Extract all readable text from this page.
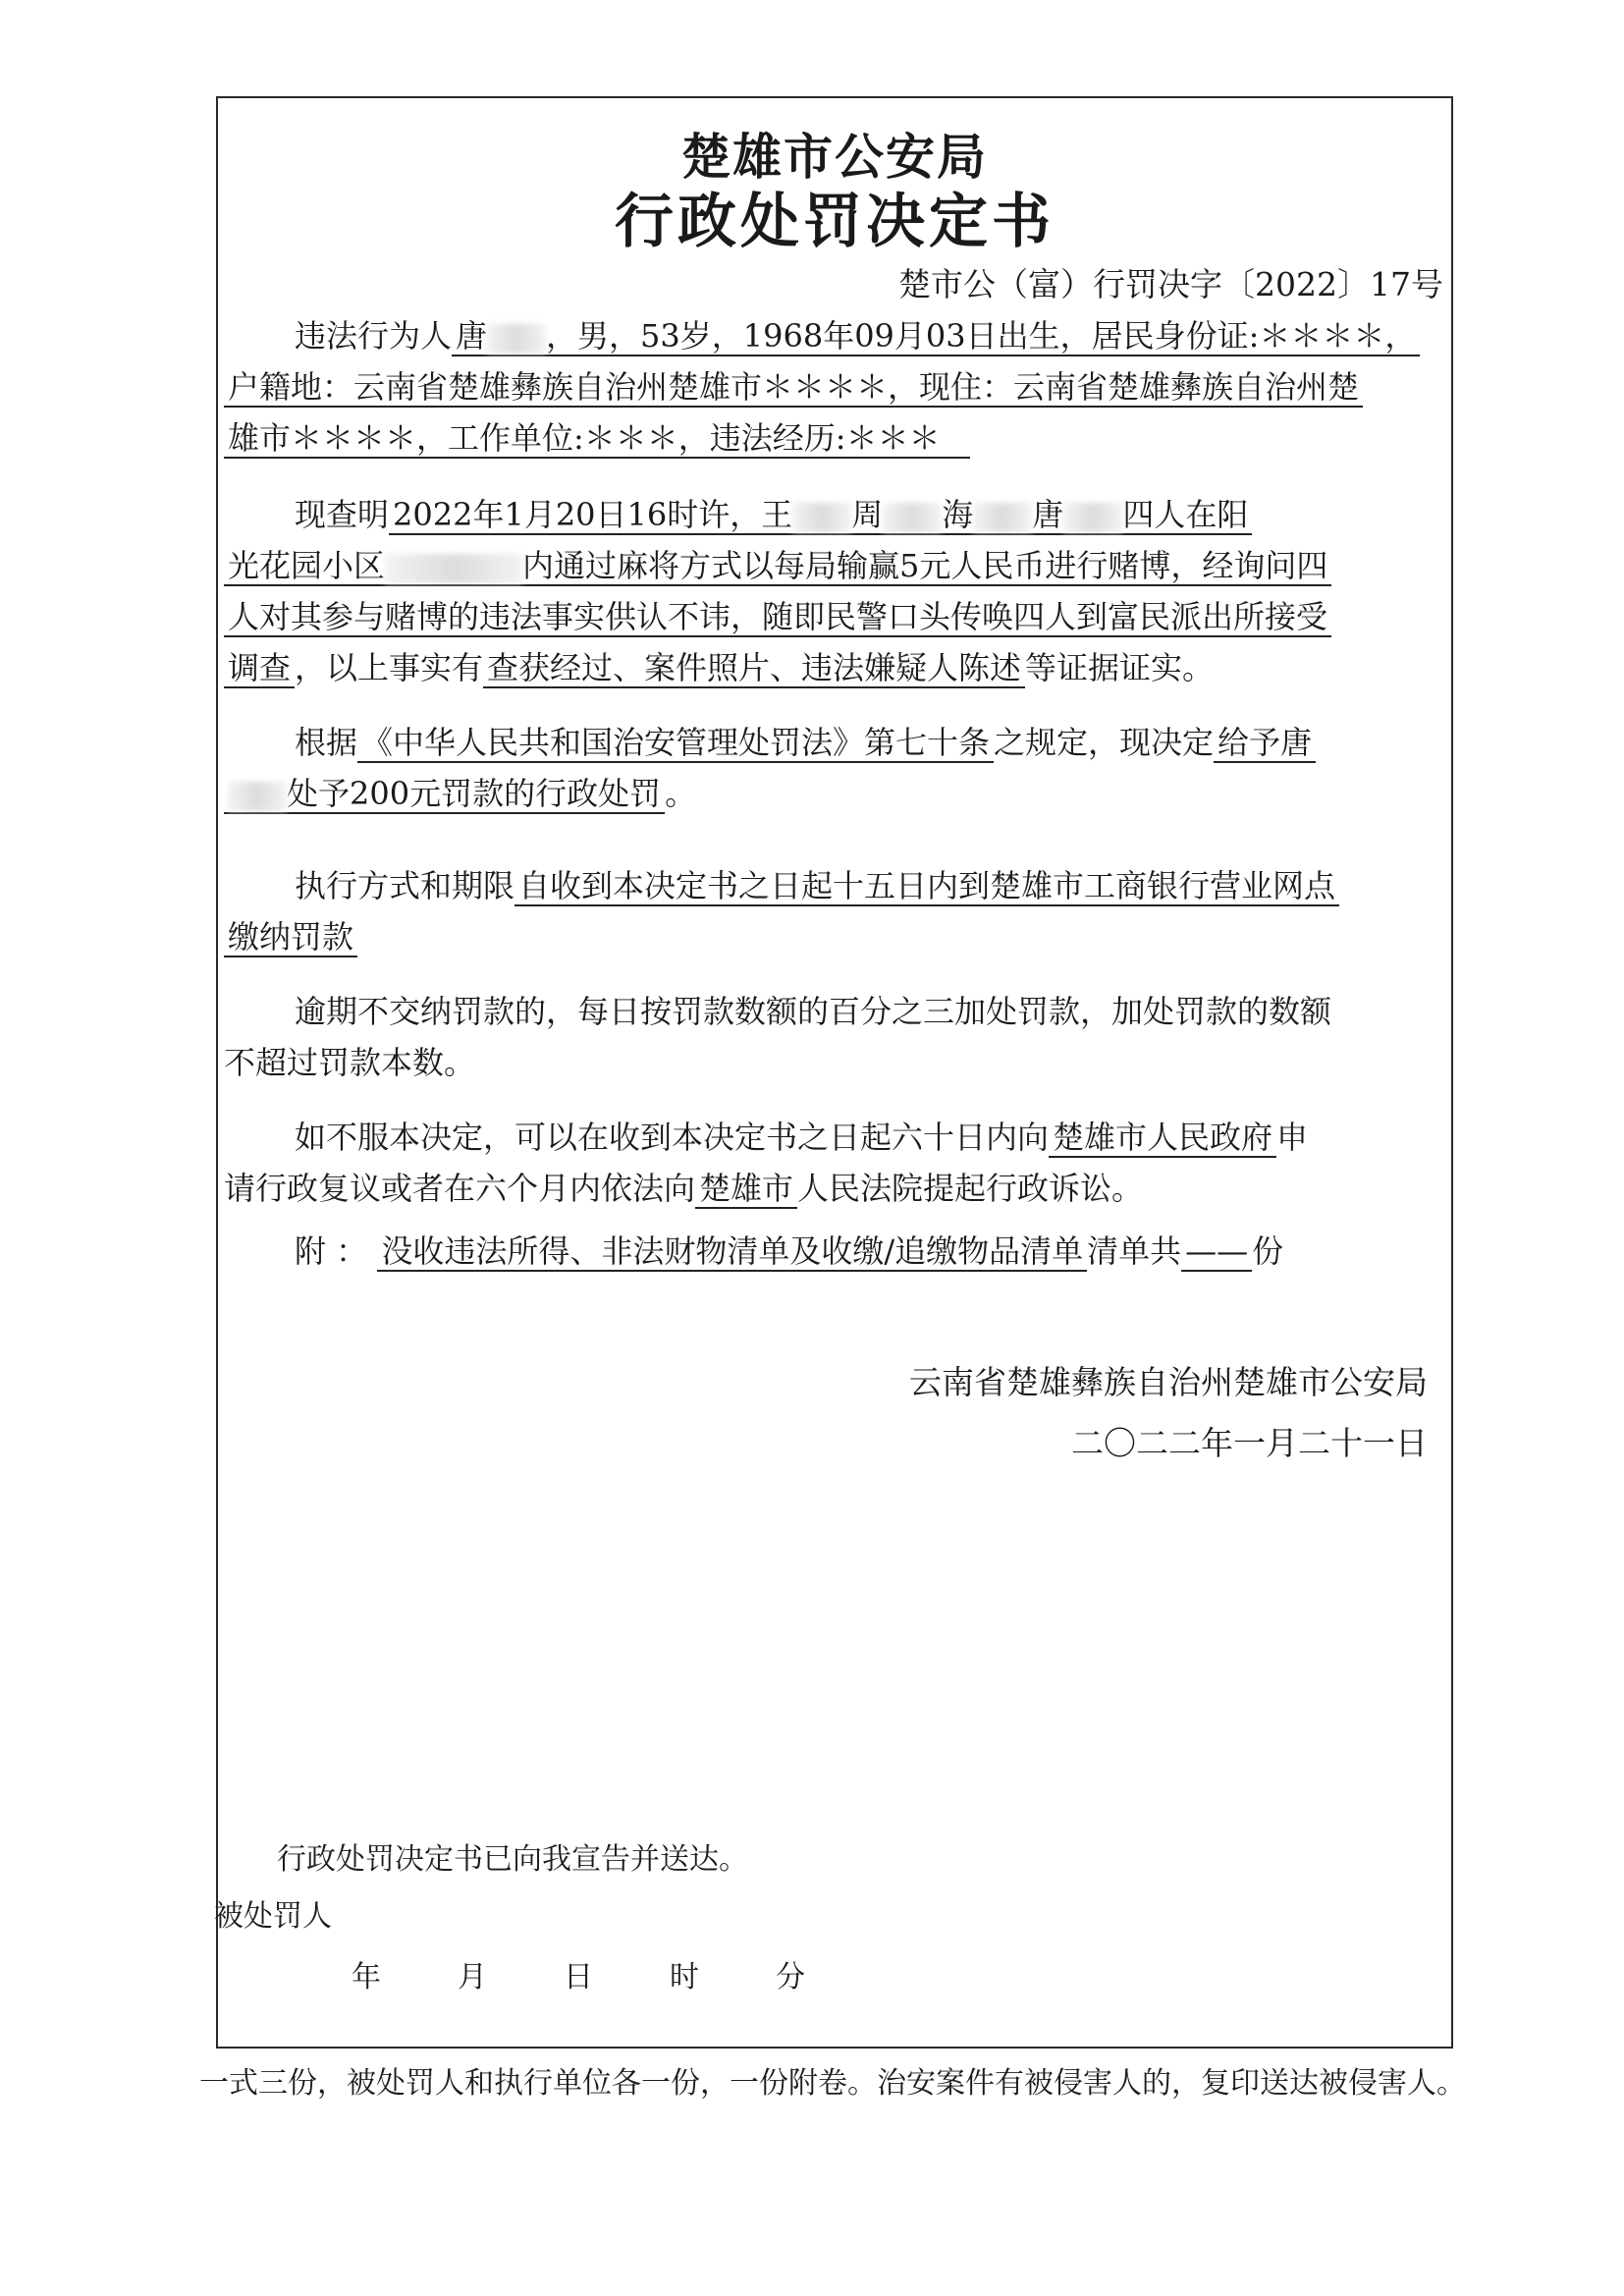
楚雄市公安局
行政处罚决定书
楚市公（富）行罚决字〔2022〕17号
违法行为人 唐 ，男，53岁，1968年09月03日出生，居民身份证:＊＊＊＊，
户籍地：云南省楚雄彝族自治州楚雄市＊＊＊＊，现住：云南省楚雄彝族自治州楚
雄市＊＊＊＊，工作单位:＊＊＊，违法经历:＊＊＊
现查明 2022年1月20日16时许，王 周 海 唐 四人在阳
光花园小区	内通过麻将方式以每局输赢5元人民币进行赌博，经询问四
人对其参与赌博的违法事实供认不讳，随即民警口头传唤四人到富民派出所接受
调查 ，以上事实有 查获经过、案件照片、违法嫌疑人陈述 等证据证实。
根据 《中华人民共和国治安管理处罚法》第七十条 之规定，现决定 给予唐
处予200元罚款的行政处罚 。
执行方式和期限 自收到本决定书之日起十五日内到楚雄市工商银行营业网点
缴纳罚款
逾期不交纳罚款的，每日按罚款数额的百分之三加处罚款，加处罚款的数额
不超过罚款本数。
如不服本决定，可以在收到本决定书之日起六十日内向 楚雄市人民政府 申
请行政复议或者在六个月内依法向 楚雄市 人民法院提起行政诉讼。
附 ： 没收违法所得、非法财物清单及收缴/追缴物品清单 清单共 —— 份
云南省楚雄彝族自治州楚雄市公安局
二〇二二年一月二十一日
行政处罚决定书已向我宣告并送达。
被处罚人
年　　月　　日　　时　　分
一式三份，被处罚人和执行单位各一份，一份附卷。治安案件有被侵害人的，复印送达被侵害人。
